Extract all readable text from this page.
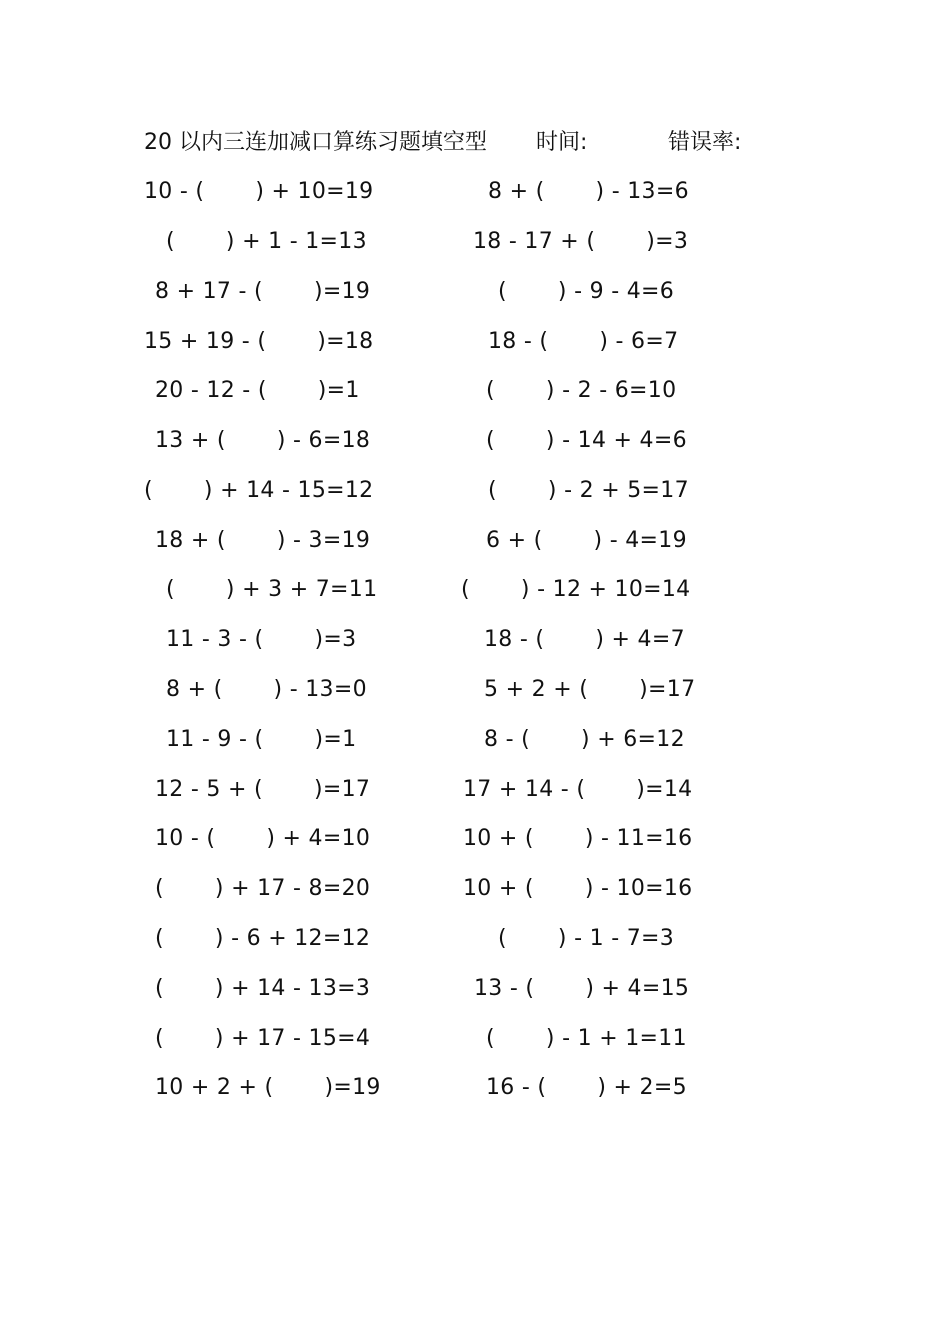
20 以内三连加减口算练习题填空型 时间:	错误率:
10 - (       ) + 10=19
(       ) + 1 - 1=13
8 + 17 - (       )=19
15 + 19 - (       )=18
20 - 12 - (       )=1
13 + (       ) - 6=18
(       ) + 14 - 15=12
18 + (       ) - 3=19
(       ) + 3 + 7=11
11 - 3 - (       )=3
8 + (       ) - 13=0
11 - 9 - (       )=1
12 - 5 + (       )=17
10 - (       ) + 4=10
(       ) + 17 - 8=20
(       ) - 6 + 12=12
(       ) + 14 - 13=3
(       ) + 17 - 15=4
10 + 2 + (       )=19
8 + (       ) - 13=6
18 - 17 + (       )=3
(       ) - 9 - 4=6
18 - (       ) - 6=7
(       ) - 2 - 6=10
(       ) - 14 + 4=6
(       ) - 2 + 5=17
6 + (       ) - 4=19
(       ) - 12 + 10=14
18 - (       ) + 4=7
5 + 2 + (       )=17
8 - (       ) + 6=12
17 + 14 - (       )=14
10 + (       ) - 11=16
10 + (       ) - 10=16
(       ) - 1 - 7=3
13 - (       ) + 4=15
(       ) - 1 + 1=11
16 - (       ) + 2=5
